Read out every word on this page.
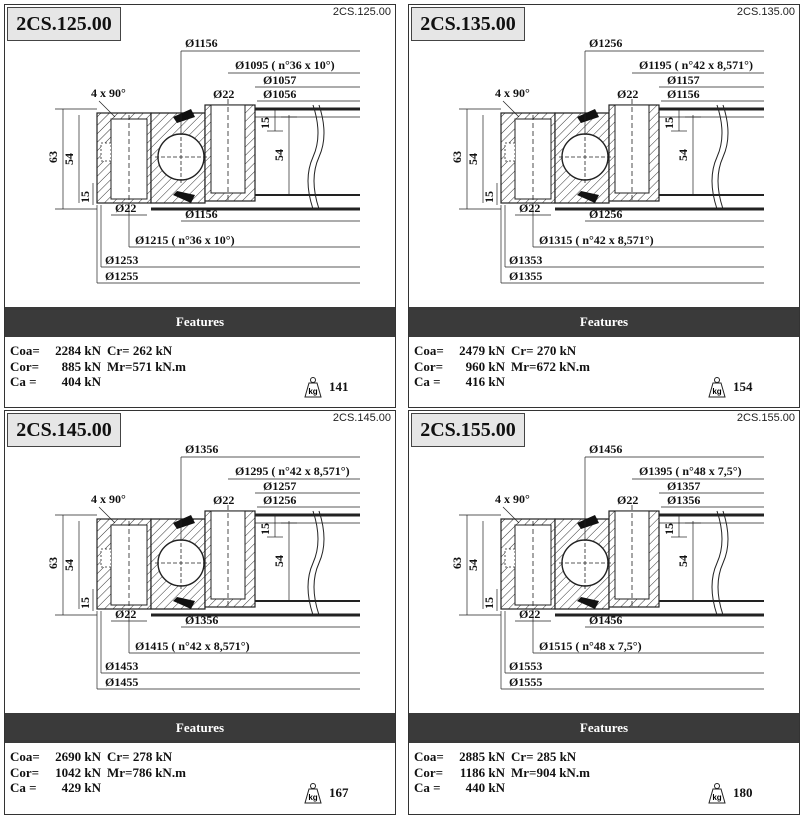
2CS.125.00
2CS.125.00
Ø1156
Ø1095 ( n°36 x 10°)
Ø1057
Ø1056
Ø22
Ø1156
Ø1215 ( n°36 x 10°)
Ø1253
Ø1255
Ø22
4 x 90°
63 54	54
15
15
Features
Coa= 2284 kN Cr= 262 kN
Cor= 885 kN Mr=571 kN.m
Ca = 404 kN
kg 141
2CS.135.00
2CS.135.00
Ø1256
Ø1195 ( n°42 x 8,571°)
Ø1157
Ø1156
Ø22
Ø1256
Ø1315 ( n°42 x 8,571°)
Ø1353
Ø1355
Ø22
4 x 90°
63 54	54
15
15
Features
Coa= 2479 kN Cr= 270 kN
Cor= 960 kN Mr=672 kN.m
Ca = 416 kN
kg 154
2CS.145.00
2CS.145.00
Ø1356
Ø1295 ( n°42 x 8,571°)
Ø1257
Ø1256
Ø22
Ø1356
Ø1415 ( n°42 x 8,571°)
Ø1453
Ø1455
Ø22
4 x 90°
63 54	54
15
15
Features
Coa= 2690 kN Cr= 278 kN
Cor= 1042 kN Mr=786 kN.m
Ca = 429 kN
kg 167
2CS.155.00
2CS.155.00
Ø1456
Ø1395 ( n°48 x 7,5°)
Ø1357
Ø1356
Ø22
Ø1456
Ø1515 ( n°48 x 7,5°)
Ø1553
Ø1555
Ø22
4 x 90°
63 54	54
15
15
Features
Coa= 2885 kN Cr= 285 kN
Cor= 1186 kN Mr=904 kN.m
Ca = 440 kN
kg 180
